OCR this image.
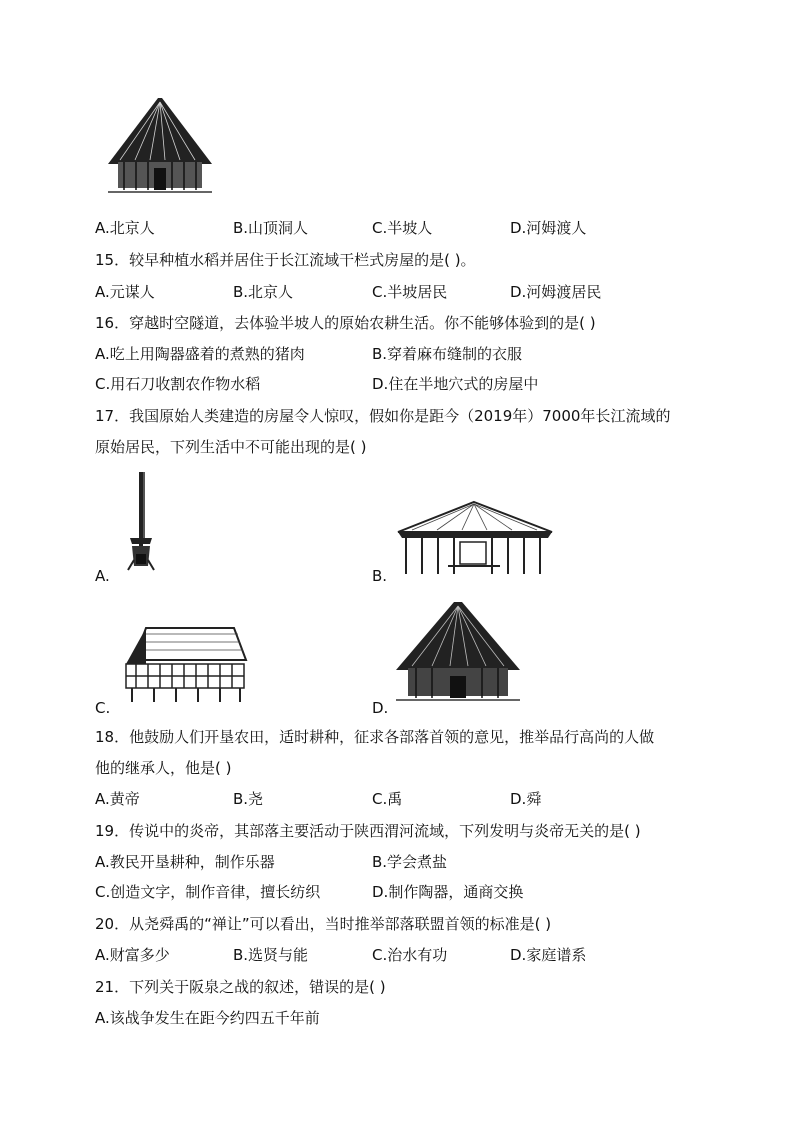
A.北京人	B.山顶洞人	C.半坡人	D.河姆渡人
15．较早种植水稻并居住于长江流域干栏式房屋的是( )。
A.元谋人	B.北京人	C.半坡居民	D.河姆渡居民
16．穿越时空隧道，去体验半坡人的原始农耕生活。你不能够体验到的是( )
A.吃上用陶器盛着的煮熟的猪肉	B.穿着麻布缝制的衣服
C.用石刀收割农作物水稻	D.住在半地穴式的房屋中
17．我国原始人类建造的房屋令人惊叹，假如你是距今（2019年）7000年长江流域的
原始居民，下列生活中不可能出现的是( )
A.	B.
C.	D.
18．他鼓励人们开垦农田，适时耕种，征求各部落首领的意见，推举品行高尚的人做
他的继承人，他是( )
A.黄帝	B.尧	C.禹	D.舜
19．传说中的炎帝，其部落主要活动于陕西渭河流域，下列发明与炎帝无关的是( )
A.教民开垦耕种，制作乐器	B.学会煮盐
C.创造文字，制作音律，擅长纺织	D.制作陶器，通商交换
20．从尧舜禹的“禅让”可以看出，当时推举部落联盟首领的标准是( )
A.财富多少	B.选贤与能	C.治水有功	D.家庭谱系
21．下列关于阪泉之战的叙述，错误的是( )
A.该战争发生在距今约四五千年前
